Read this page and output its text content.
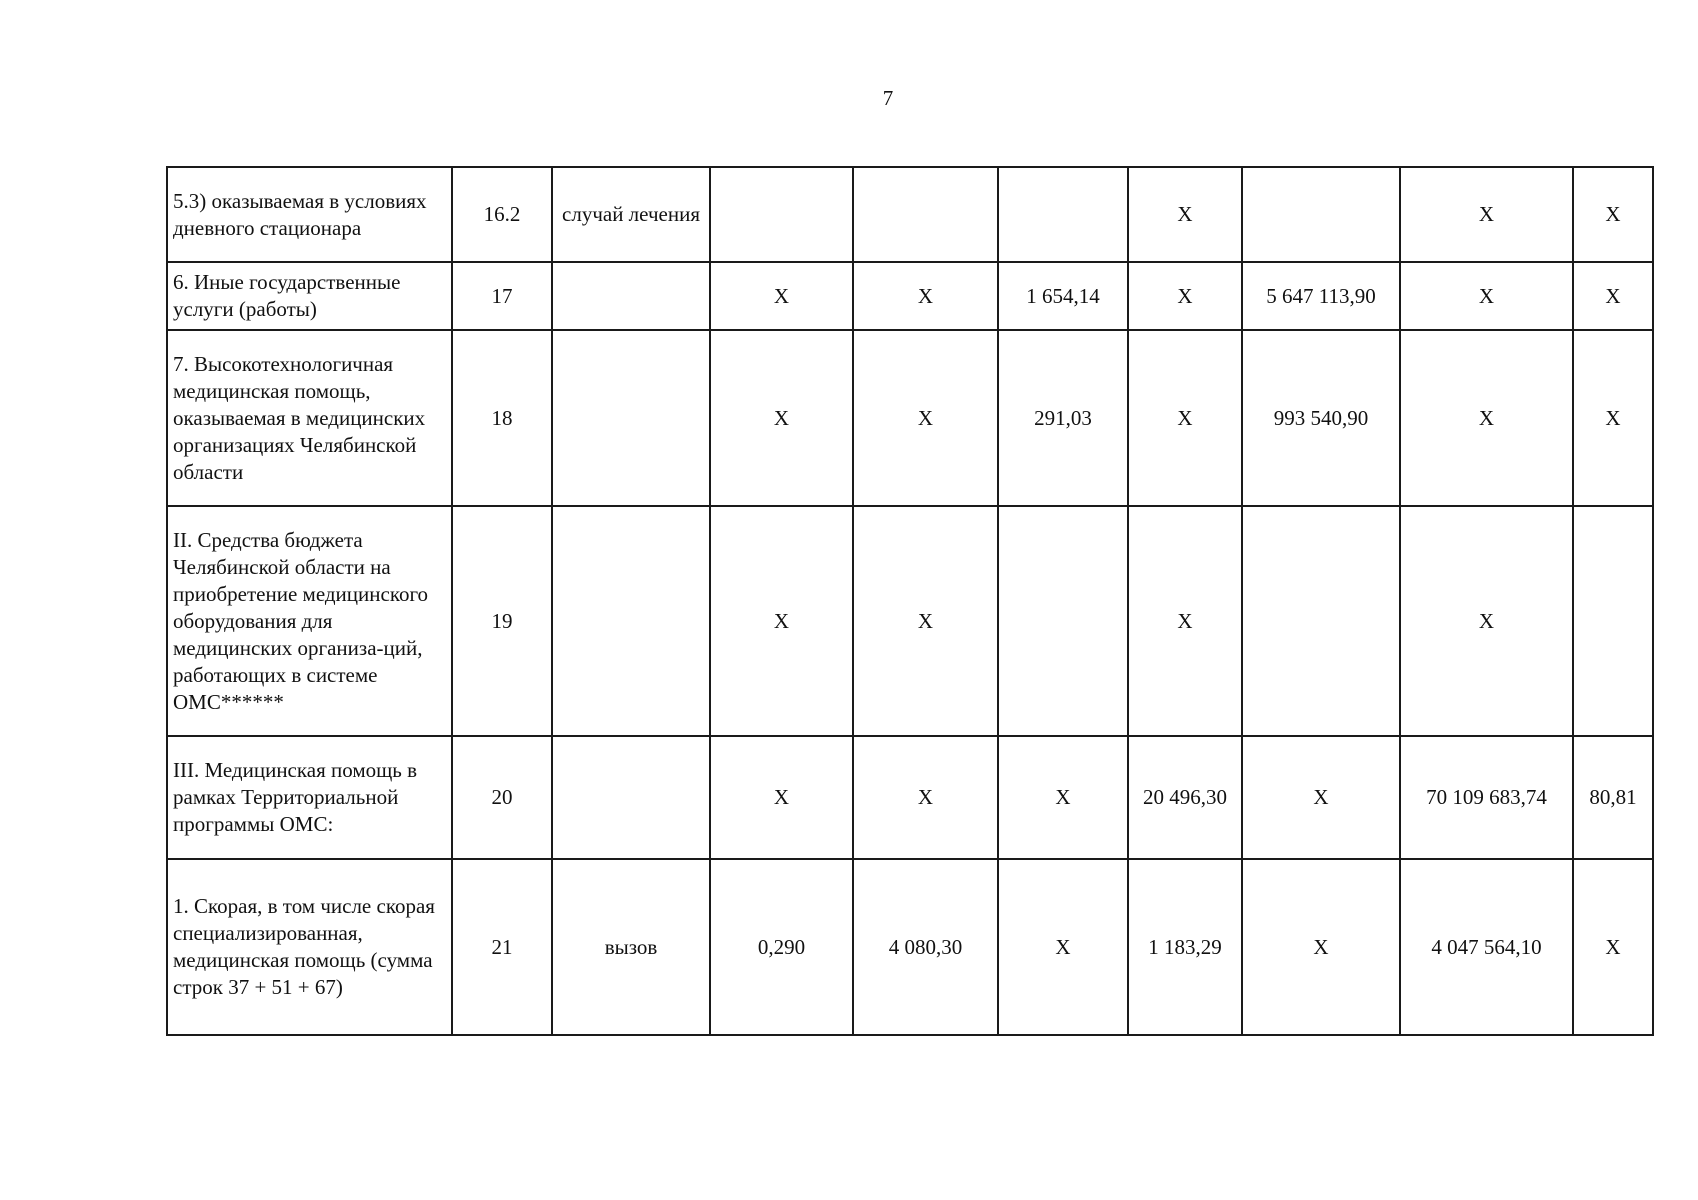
7
5.3) оказываемая в условиях дневного стационара	16.2	случай лечения				Х		Х	Х
6. Иные государственные услуги (работы)	17		Х	Х	1 654,14	Х	5 647 113,90	Х	Х
7. Высокотехнологичная медицинская помощь, оказываемая в медицинских организациях Челябинской области	18		Х	Х	291,03	Х	993 540,90	Х	Х
II. Средства бюджета Челябинской области на приобретение медицинского оборудования для медицинских организа-ций, работающих в системе ОМС******	19		Х	Х		Х		Х	
III. Медицинская помощь в рамках Территориальной программы ОМС:	20		Х	Х	Х	20 496,30	Х	70 109 683,74	80,81
1. Скорая, в том числе скорая специализированная, медицинская помощь (сумма строк 37 + 51 + 67)	21	вызов	0,290	4 080,30	Х	1 183,29	Х	4 047 564,10	Х
